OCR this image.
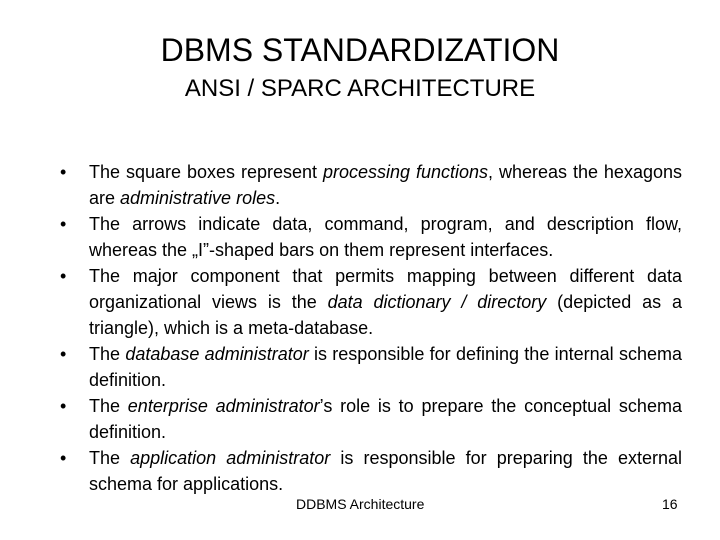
DBMS STANDARDIZATION
ANSI / SPARC ARCHITECTURE
• The square boxes represent processing functions, whereas the hexagons are administrative roles.
• The arrows indicate data, command, program, and description flow, whereas the „I”-shaped bars on them represent interfaces.
• The major component that permits mapping between different data organizational views is the data dictionary / directory (depicted as a triangle), which is a meta-database.
• The database administrator is responsible for defining the internal schema definition.
• The enterprise administrator’s role is to prepare the conceptual schema definition.
• The application administrator is responsible for preparing the external schema for applications.
DDBMS Architecture	16
